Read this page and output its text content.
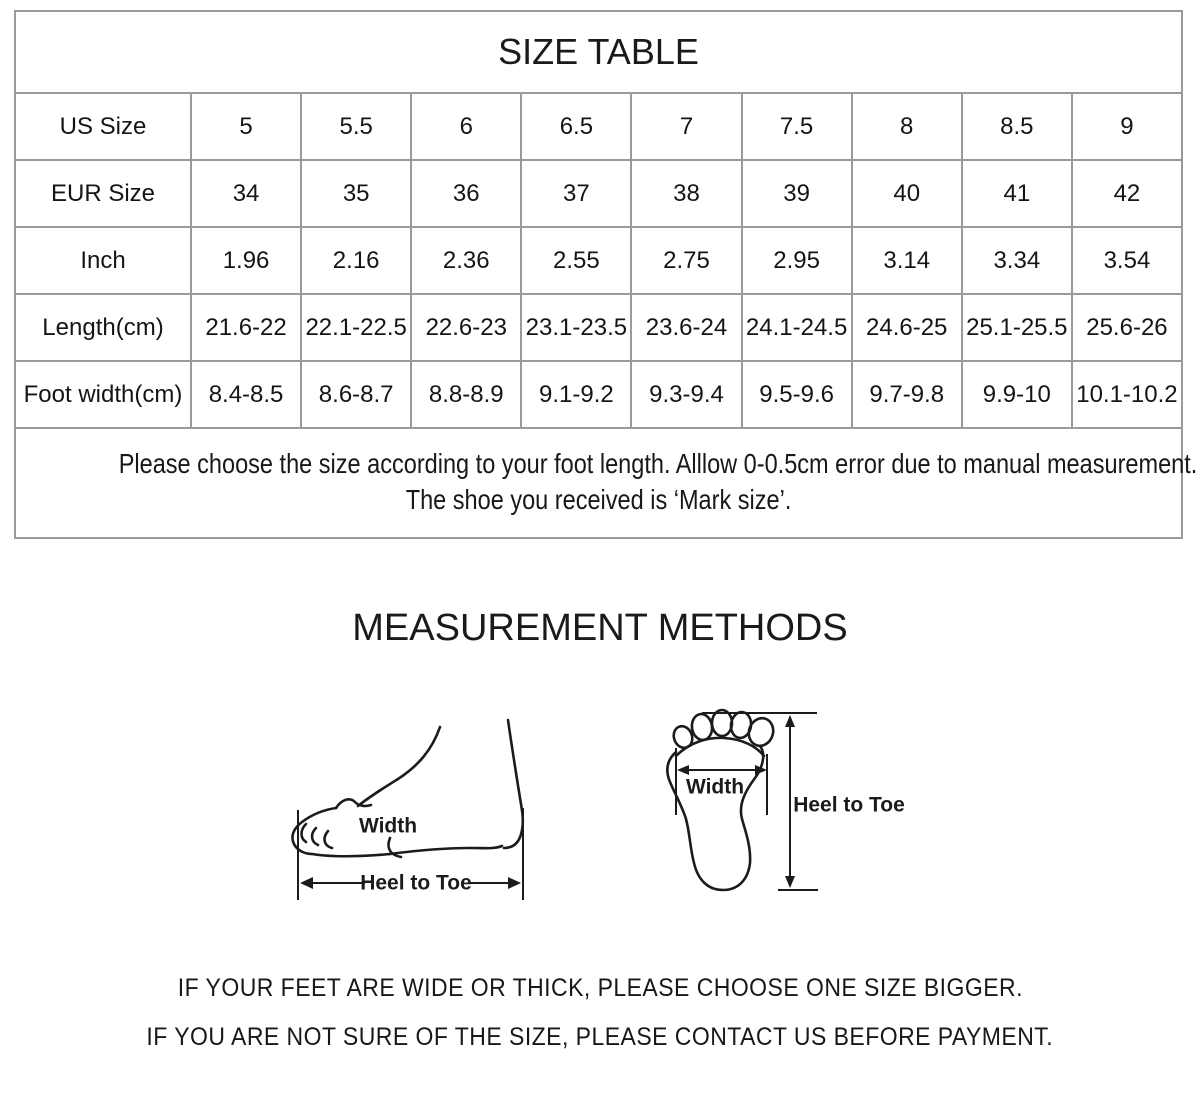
SIZE TABLE									

US Size	5	5.5	6	6.5	7	7.5	8	8.5	9
EUR Size	34	35	36	37	38	39	40	41	42
Inch	1.96	2.16	2.36	2.55	2.75	2.95	3.14	3.34	3.54
Length(cm)	21.6-22	22.1-22.5	22.6-23	23.1-23.5	23.6-24	24.1-24.5	24.6-25	25.1-25.5	25.6-26
Foot width(cm)	8.4-8.5	8.6-8.7	8.8-8.9	9.1-9.2	9.3-9.4	9.5-9.6	9.7-9.8	9.9-10	10.1-10.2

Please choose the size according to your foot length. Alllow 0-0.5cm error due to manual measurement.
The shoe you received is ‘Mark size’.									
MEASUREMENT METHODS
Width
Heel to Toe
Width
Heel to Toe
IF YOUR FEET ARE WIDE OR THICK, PLEASE CHOOSE ONE SIZE BIGGER.
IF YOU ARE NOT SURE OF THE SIZE, PLEASE CONTACT US BEFORE PAYMENT.
